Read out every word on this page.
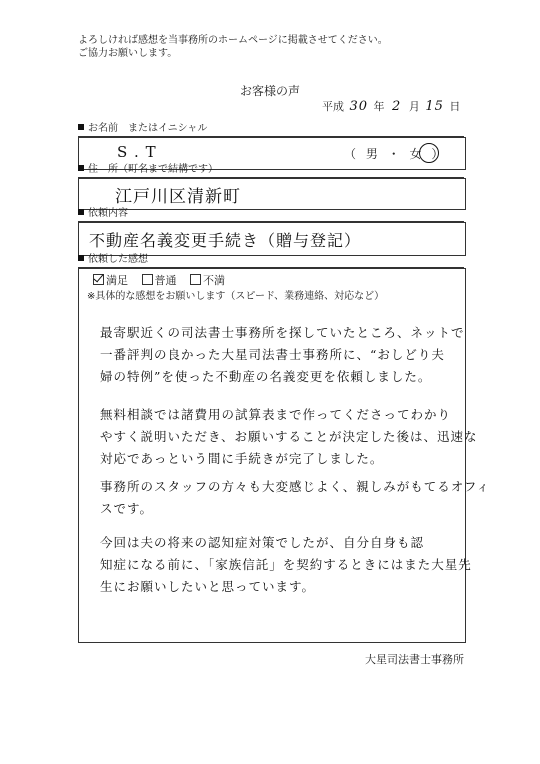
よろしければ感想を当事務所のホームページに掲載させてください。
ご協力お願いします。
お客様の声
平成 30 年 2 月 15 日
お名前　またはイニシャル
S . T	（ 男 ・ 女 ）
住　所（町名まで結構です）
江戸川区清新町
依頼内容
不動産名義変更手続き（贈与登記）
依頼した感想
満足 普通 不満
※具体的な感想をお願いします（スピード、業務連絡、対応など）
最寄駅近くの司法書士事務所を探していたところ、ネットで
一番評判の良かった大星司法書士事務所に、“おしどり夫
婦の特例”を使った不動産の名義変更を依頼しました。
無料相談では諸費用の試算表まで作ってくださってわかり
やすく説明いただき、お願いすることが決定した後は、迅速な
対応であっという間に手続きが完了しました。
事務所のスタッフの方々も大変感じよく、親しみがもてるオフィ
スです。
今回は夫の将来の認知症対策でしたが、自分自身も認
知症になる前に、「家族信託」を契約するときにはまた大星先
生にお願いしたいと思っています。
大星司法書士事務所
